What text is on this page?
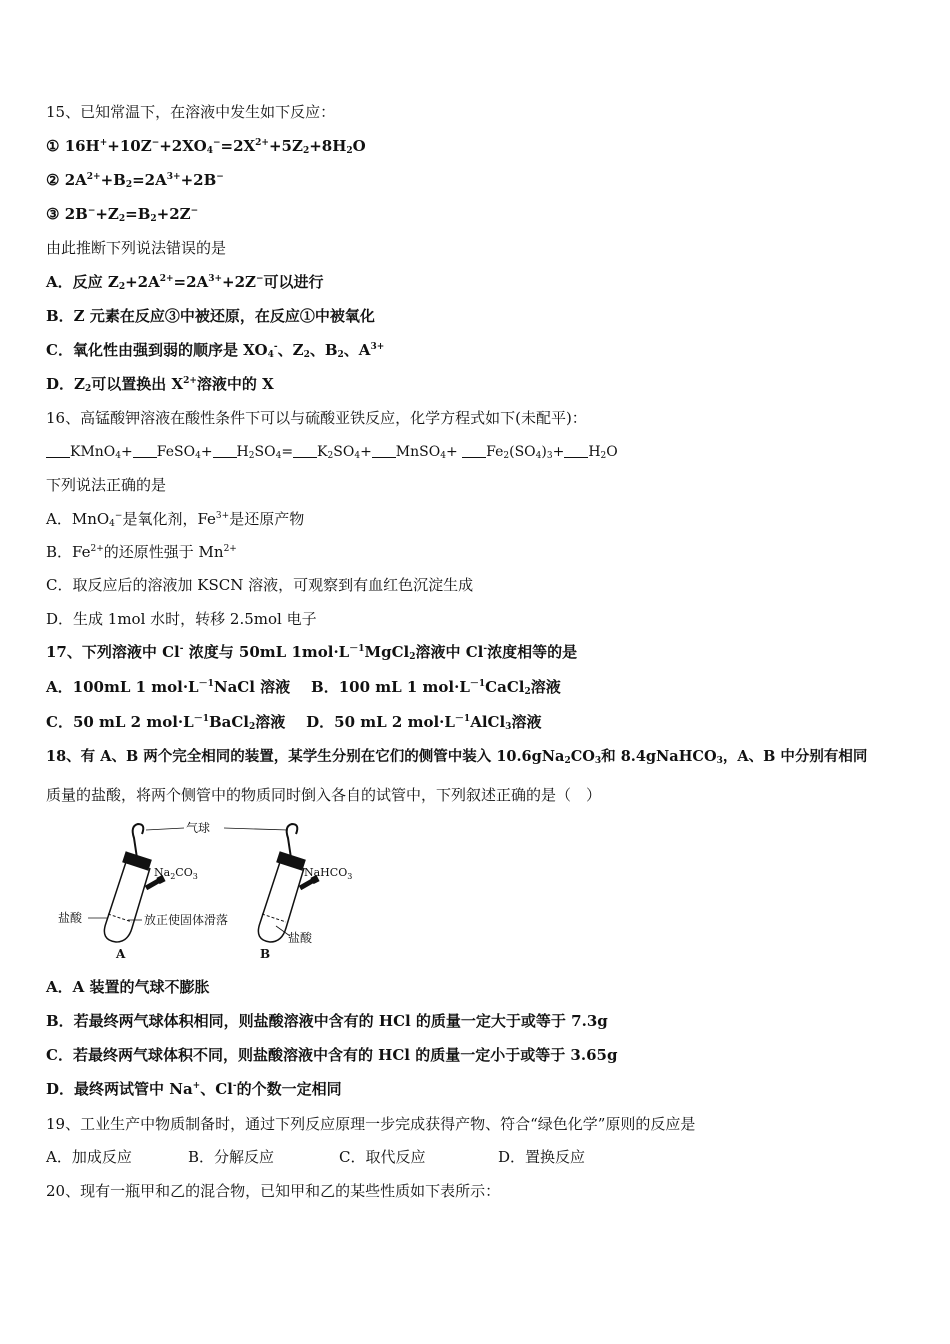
15、已知常温下，在溶液中发生如下反应：
① $16H^++10Z^-+2XO_4^-=2X^{2+}+5Z_2+8H_2O$
② $2A^{2+}+B_2=2A^{3+}+2B^-$
③ $2B^-+Z_2=B_2+2Z^-$
由此推断下列说法错误的是
A．反应 $Z_2+2A^{2+}=2A^{3+}+2Z^-$可以进行
B．Z 元素在反应③中被还原，在反应①中被氧化
C．氧化性由强到弱的顺序是 $XO_4^-$、$Z_2$、$B_2$、$A^{3+}$
D．$Z_2$可以置换出 $X^{2+}$溶液中的 X
16、高锰酸钾溶液在酸性条件下可以与硫酸亚铁反应，化学方程式如下(未配平)：
KMnO$_4$+ FeSO$_4$+ $H_2SO_4= K_2SO_4+$ MnSO$_4$+ $Fe_2(SO_4)_3+ H_2O$
下列说法正确的是
A．MnO$_4$−是氧化剂，$Fe^{3+}$是还原产物
B．$Fe^{2+}$的还原性强于 $Mn^{2+}$
C．取反应后的溶液加 KSCN 溶液，可观察到有血红色沉淀生成
D．生成 1mol 水时，转移 2.5mol 电子
17、下列溶液中 Cl- 浓度与 50mL $1mol\cdot L^{-1}MgCl_2$溶液中 Cl-浓度相等的是
A．100mL 1 $mol\cdot L^{-1}NaCl$ 溶液 B．100 mL 1 $mol\cdot L^{-1}CaCl_2$溶液
C．50 mL 2 $mol\cdot L^{-1}BaCl_2$溶液 D．50 mL 2 $mol\cdot L^{-1}AlCl_3$溶液
18、有 A、B 两个完全相同的装置，某学生分别在它们的侧管中装入 $10.6gNa_2CO_3$和 8.4gNaHCO$_3$，A、B 中分别有相同
质量的盐酸，将两个侧管中的物质同时倒入各自的试管中，下列叙述正确的是（　）
气球
$Na_2CO_3$	NaHCO$_3$
盐酸	放正使固体滑落
盐酸
A	B
A．A 装置的气球不膨胀
B．若最终两气球体积相同，则盐酸溶液中含有的 HCl 的质量一定大于或等于 7.3g
C．若最终两气球体积不同，则盐酸溶液中含有的 HCl 的质量一定小于或等于 3.65g
D．最终两试管中 Na+、Cl-的个数一定相同
19、工业生产中物质制备时，通过下列反应原理一步完成获得产物、符合“绿色化学”原则的反应是
A．加成反应	B．分解反应	C．取代反应	D．置换反应
20、现有一瓶甲和乙的混合物，已知甲和乙的某些性质如下表所示：
